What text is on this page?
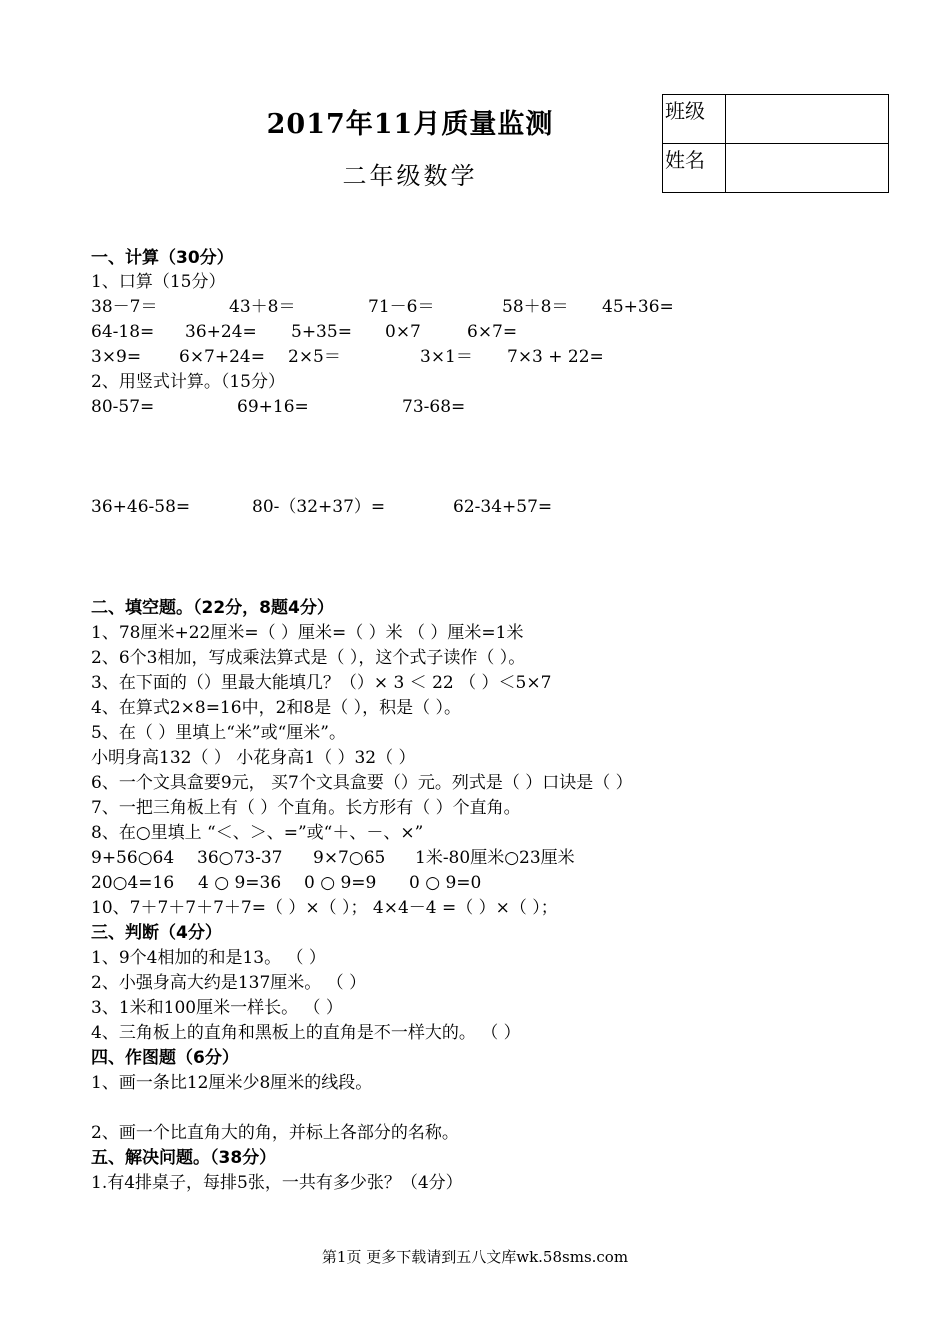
2017年11月质量监测
二年级数学
班级	
姓名	
一、计算（30分）
1、口算（15分）
38－7＝	43＋8＝	71－6＝	58＋8＝ 45+36=
64-18= 36+24= 5+35= 0×7	6×7=
3×9= 6×7+24= 2×5＝	3×1＝ 7×3 + 22=
2、用竖式计算。（15分）
80-57=	69+16=	73-68=
36+46-58=	80-（32+37）=	62-34+57=
二、填空题。（22分，8题4分）
1、78厘米+22厘米=（ ）厘米=（ ）米 （ ）厘米=1米
2、6个3相加，写成乘法算式是（ ），这个式子读作（ ）。
3、在下面的（）里最大能填几？（）× 3 ＜ 22 （ ）＜5×7
4、在算式2×8=16中，2和8是（ ），积是（ ）。
5、在（ ）里填上“米”或“厘米”。
小明身高132（ ） 小花身高1（ ）32（ ）
6、一个文具盒要9元， 买7个文具盒要（）元。列式是（ ）口诀是（ ）
7、一把三角板上有（ ）个直角。长方形有（ ）个直角。
8、在○里填上 “＜、＞、=”或“＋、－、×”
9+56○64 36○73-37 9×7○65 1米-80厘米○23厘米
20○4=16 4 ○ 9=36 0 ○ 9=9 0 ○ 9=0
10、7＋7＋7＋7＋7=（ ）×（ ）； 4×4－4 =（ ）×（ ）；
三、判断（4分）
1、9个4相加的和是13。 （ ）
2、小强身高大约是137厘米。 （ ）
3、1米和100厘米一样长。 （ ）
4、三角板上的直角和黑板上的直角是不一样大的。 （ ）
四、作图题（6分）
1、画一条比12厘米少8厘米的线段。
2、画一个比直角大的角，并标上各部分的名称。
五、解决问题。（38分）
1.有4排桌子，每排5张，一共有多少张？（4分）
第1页 更多下载请到五八文库wk.58sms.com
